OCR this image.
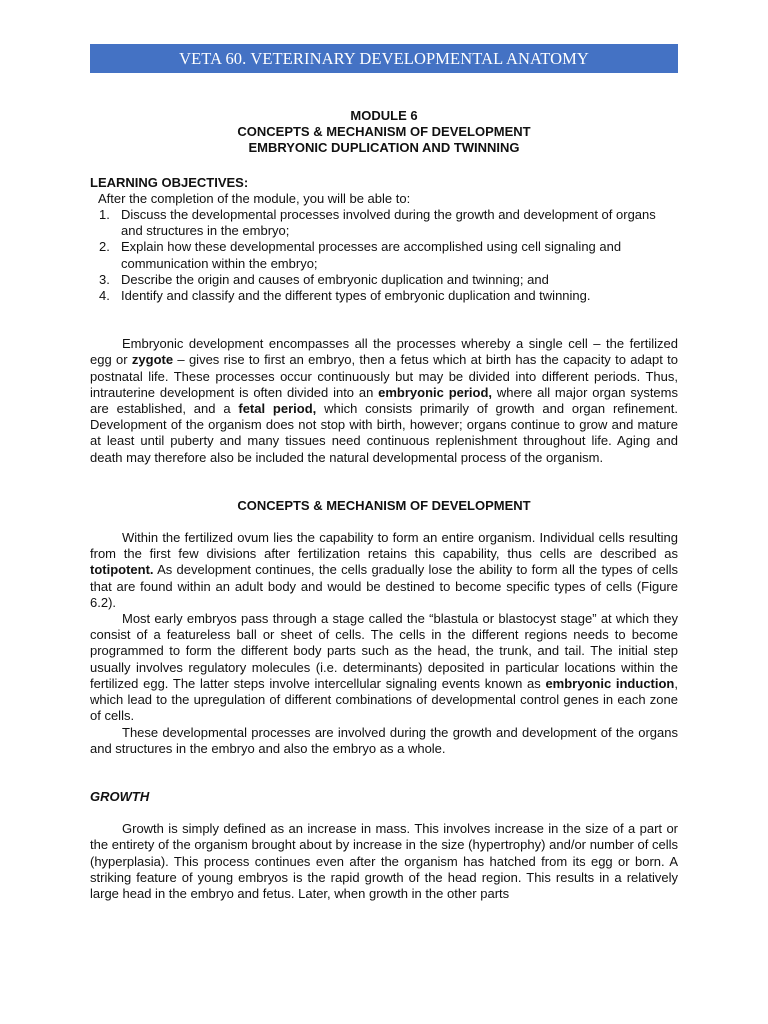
VETA 60. VETERINARY DEVELOPMENTAL ANATOMY
MODULE 6
CONCEPTS & MECHANISM OF DEVELOPMENT
EMBRYONIC DUPLICATION AND TWINNING
LEARNING OBJECTIVES:
After the completion of the module, you will be able to:
1. Discuss the developmental processes involved during the growth and development of organs and structures in the embryo;
2. Explain how these developmental processes are accomplished using cell signaling and communication within the embryo;
3. Describe the origin and causes of embryonic duplication and twinning; and
4. Identify and classify and the different types of embryonic duplication and twinning.

Embryonic development encompasses all the processes whereby a single cell – the fertilized egg or zygote – gives rise to first an embryo, then a fetus which at birth has the capacity to adapt to postnatal life. These processes occur continuously but may be divided into different periods. Thus, intrauterine development is often divided into an embryonic period, where all major organ systems are established, and a fetal period, which consists primarily of growth and organ refinement. Development of the organism does not stop with birth, however; organs continue to grow and mature at least until puberty and many tissues need continuous replenishment throughout life. Aging and death may therefore also be included the natural developmental process of the organism.

CONCEPTS & MECHANISM OF DEVELOPMENT

Within the fertilized ovum lies the capability to form an entire organism. Individual cells resulting from the first few divisions after fertilization retains this capability, thus cells are described as totipotent. As development continues, the cells gradually lose the ability to form all the types of cells that are found within an adult body and would be destined to become specific types of cells (Figure 6.2).

Most early embryos pass through a stage called the “blastula or blastocyst stage” at which they consist of a featureless ball or sheet of cells. The cells in the different regions needs to become programmed to form the different body parts such as the head, the trunk, and tail. The initial step usually involves regulatory molecules (i.e. determinants) deposited in particular locations within the fertilized egg. The latter steps involve intercellular signaling events known as embryonic induction, which lead to the upregulation of different combinations of developmental control genes in each zone of cells.

These developmental processes are involved during the growth and development of the organs and structures in the embryo and also the embryo as a whole.

GROWTH

Growth is simply defined as an increase in mass. This involves increase in the size of a part or the entirety of the organism brought about by increase in the size (hypertrophy) and/or number of cells (hyperplasia). This process continues even after the organism has hatched from its egg or born. A striking feature of young embryos is the rapid growth of the head region. This results in a relatively large head in the embryo and fetus. Later, when growth in the other parts
